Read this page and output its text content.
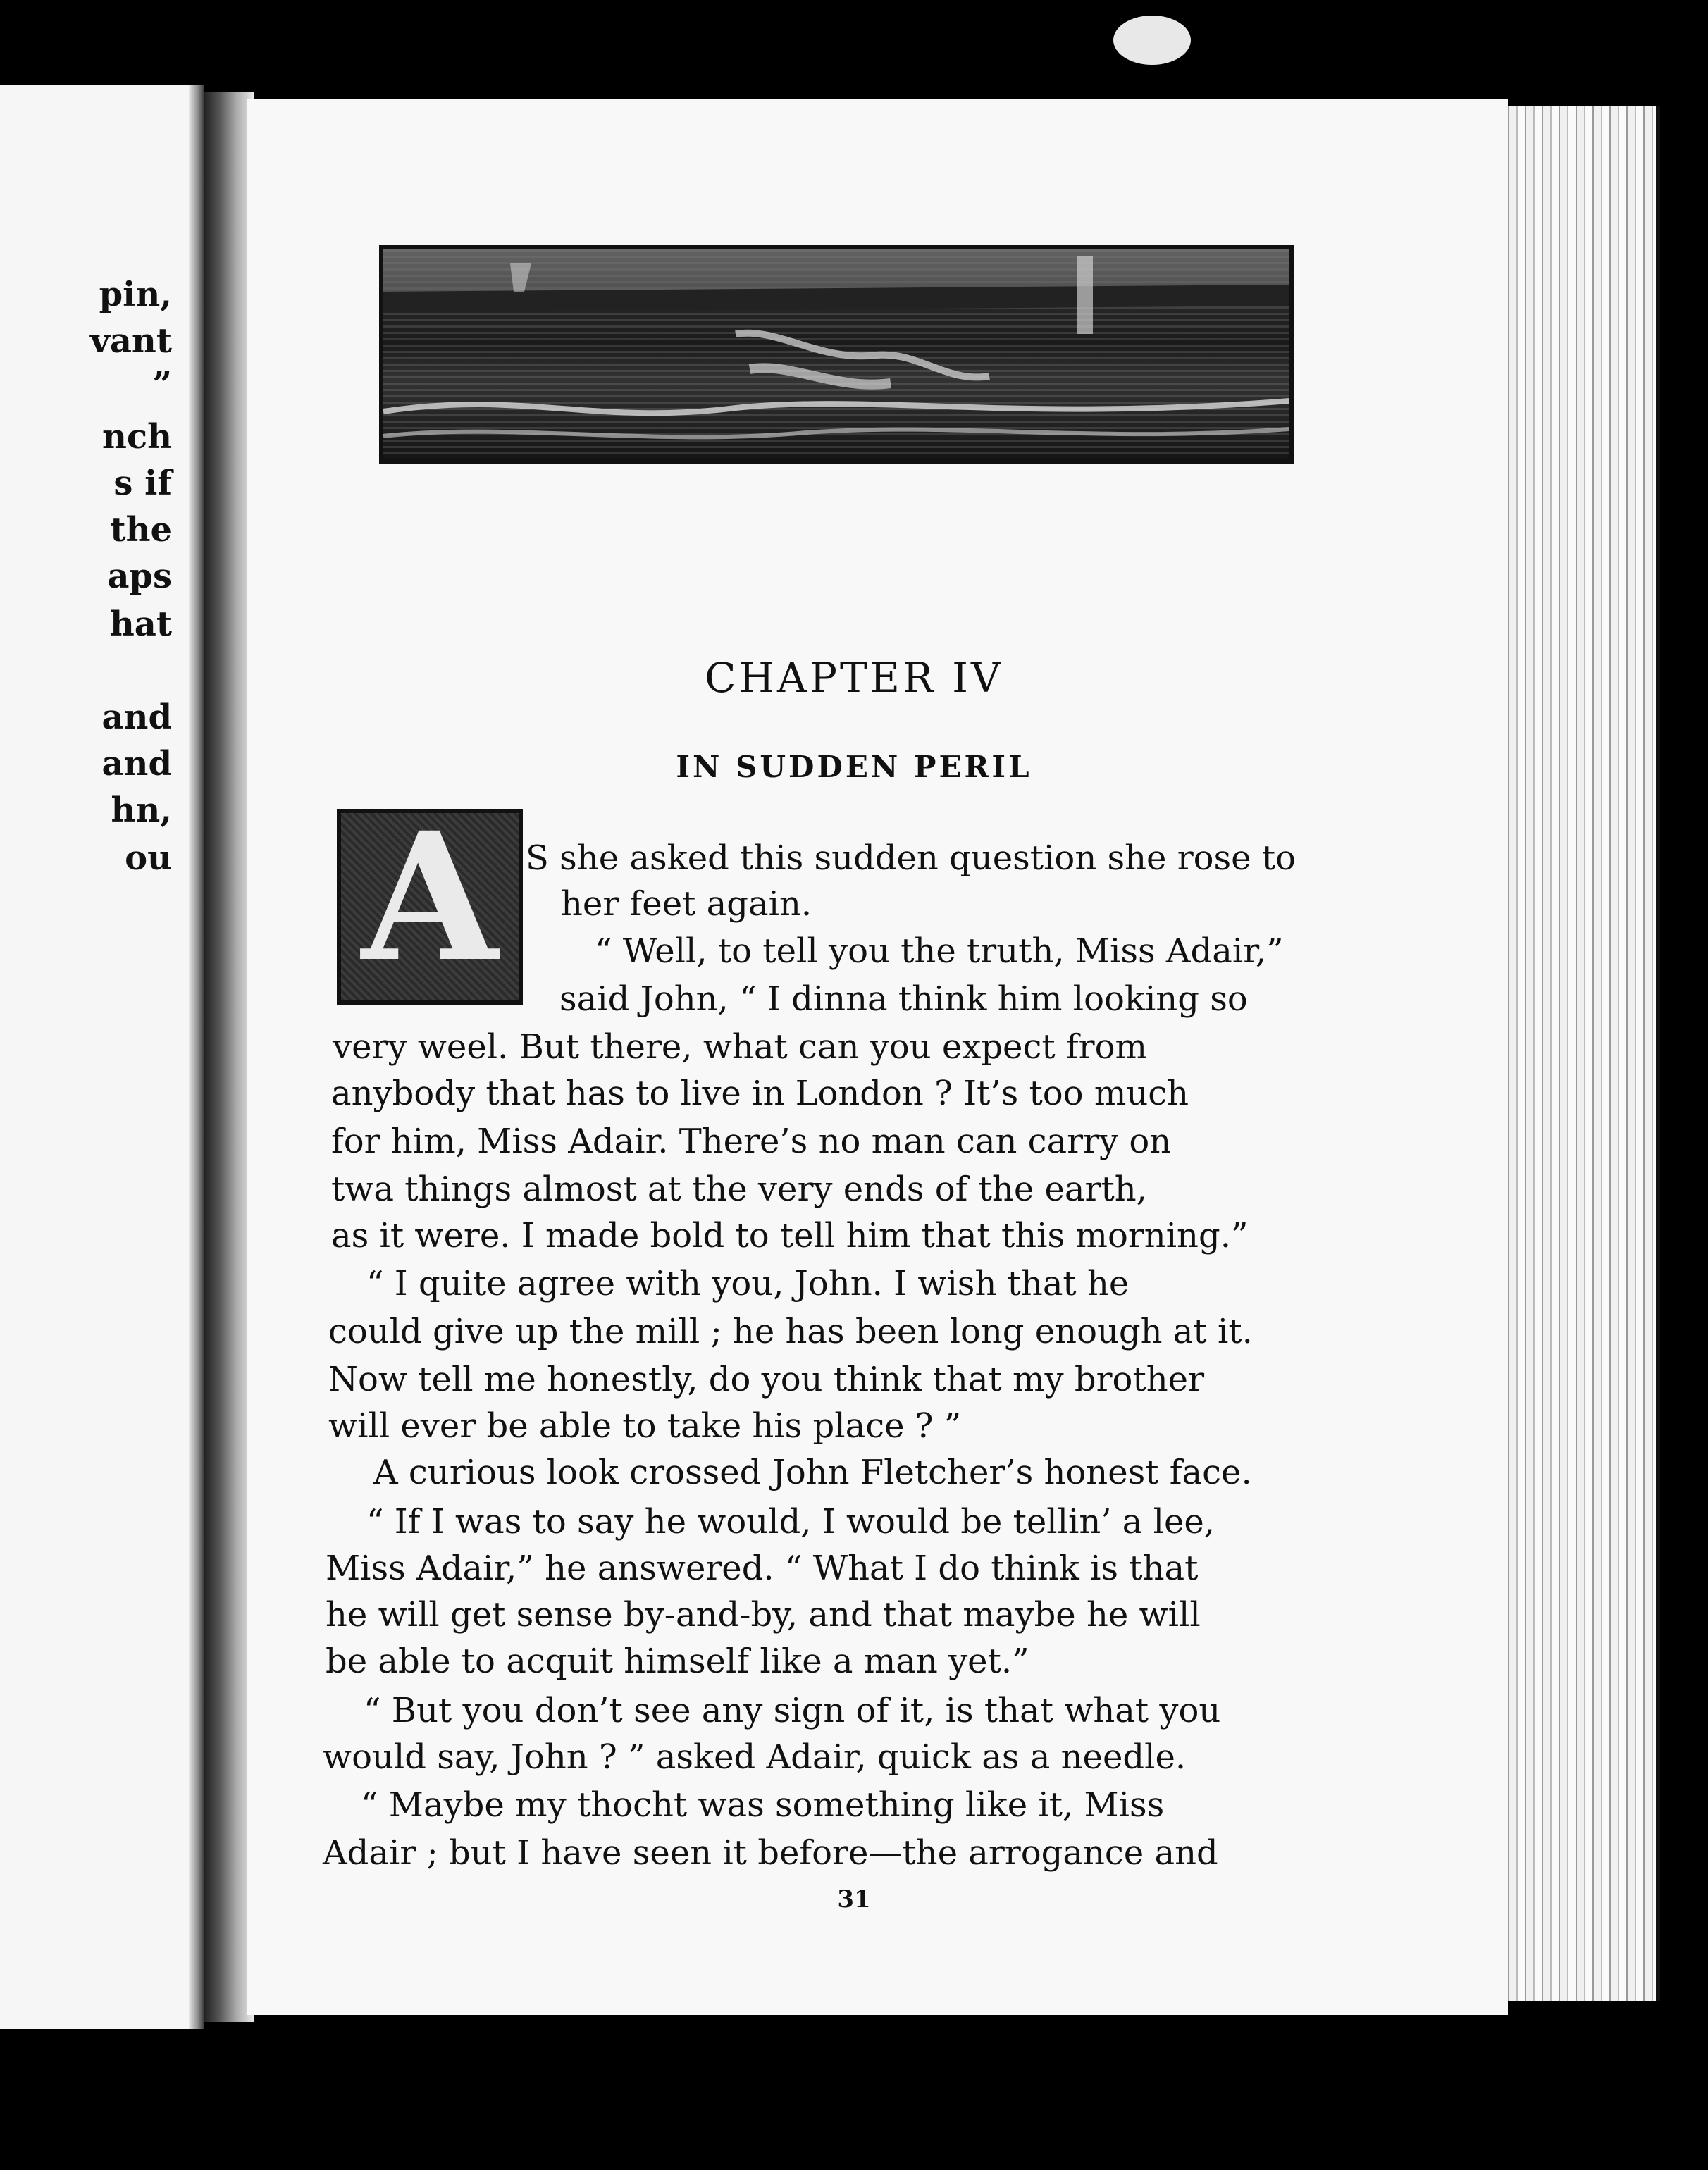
pin,
vant
”
nch
s if
the
aps
hat
and
and
hn,
ou
CHAPTER IV
IN SUDDEN PERIL
A S she asked this sudden question she rose to
her feet again.
“ Well, to tell you the truth, Miss Adair,”
said John, “ I dinna think him looking so
very weel. But there, what can you expect from
anybody that has to live in London ? It’s too much
for him, Miss Adair. There’s no man can carry on
twa things almost at the very ends of the earth,
as it were. I made bold to tell him that this morning.”
“ I quite agree with you, John. I wish that he
could give up the mill ; he has been long enough at it.
Now tell me honestly, do you think that my brother
will ever be able to take his place ? ”
A curious look crossed John Fletcher’s honest face.
“ If I was to say he would, I would be tellin’ a lee,
Miss Adair,” he answered. “ What I do think is that
he will get sense by-and-by, and that maybe he will
be able to acquit himself like a man yet.”
“ But you don’t see any sign of it, is that what you
would say, John ? ” asked Adair, quick as a needle.
“ Maybe my thocht was something like it, Miss
Adair ; but I have seen it before—the arrogance and
31
